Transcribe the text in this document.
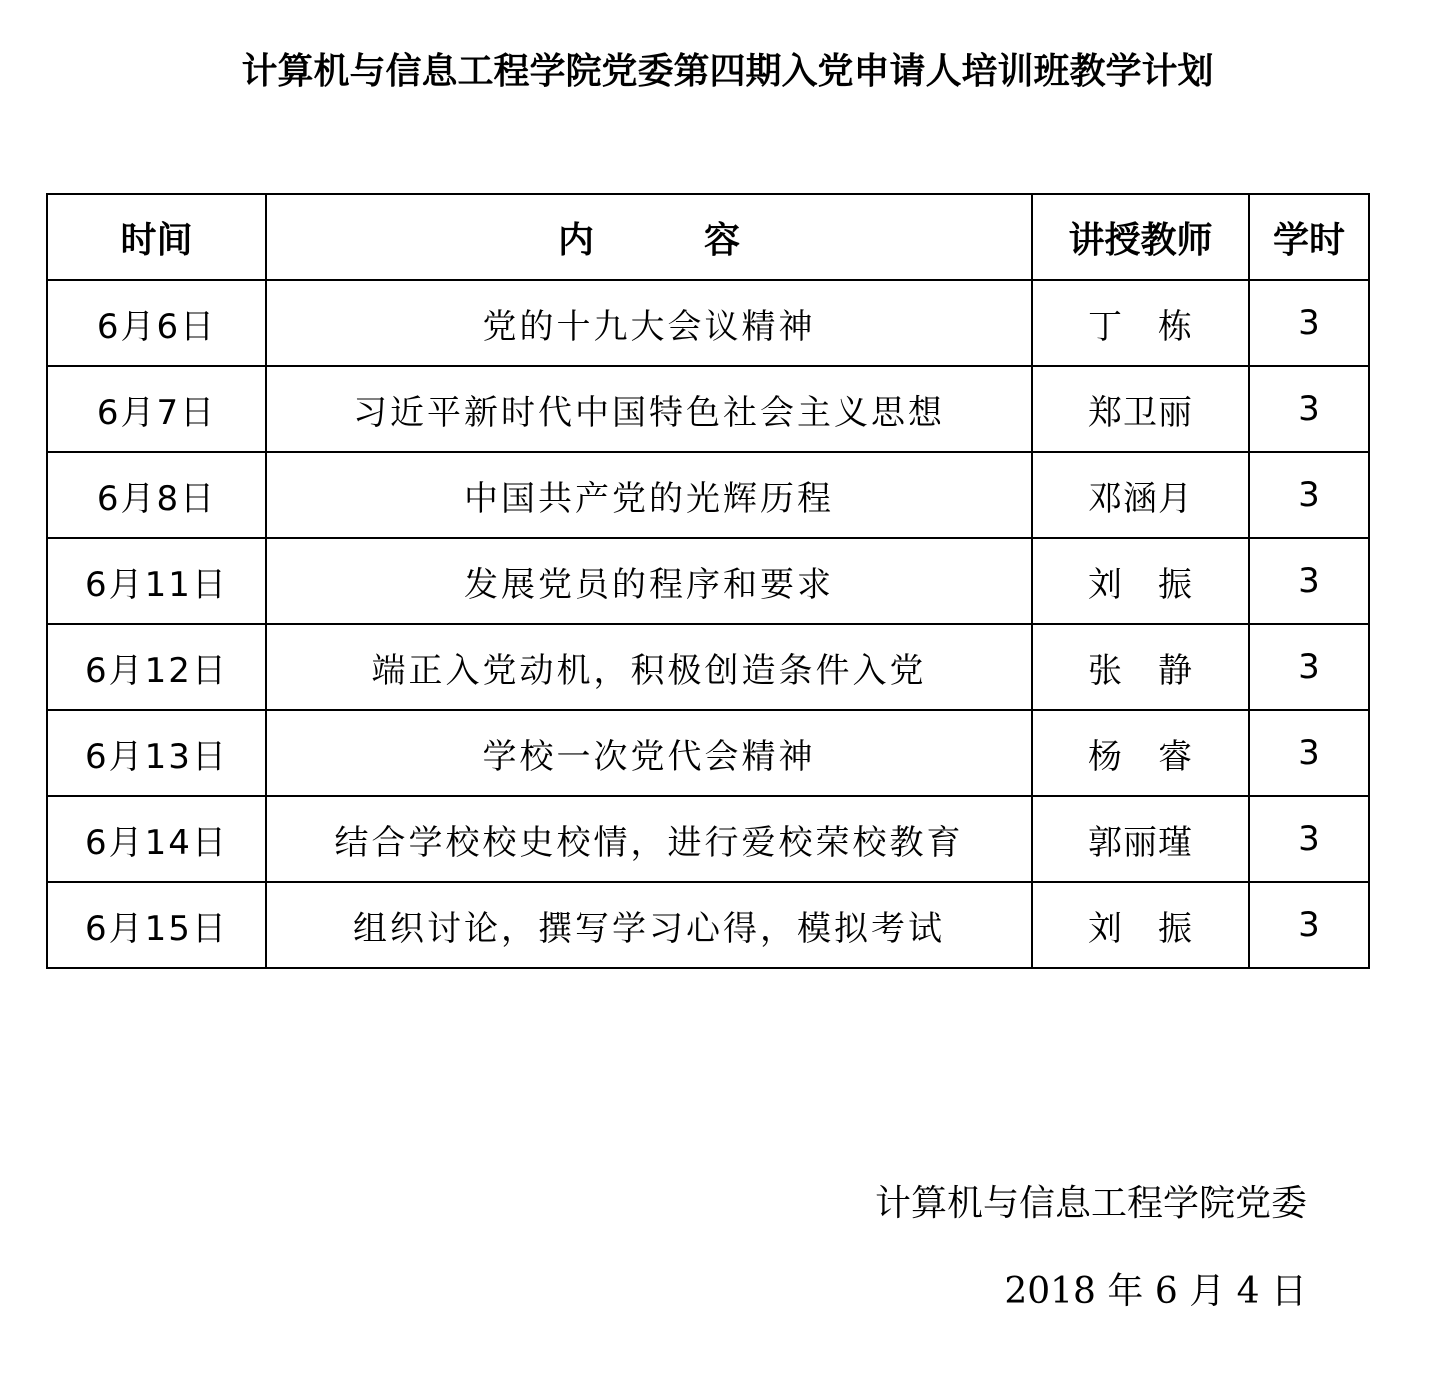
计算机与信息工程学院党委第四期入党申请人培训班教学计划
时间	内 容	讲授教师	学时
6月6日	党的十九大会议精神	丁　栋	3
6月7日	习近平新时代中国特色社会主义思想	郑卫丽	3
6月8日	中国共产党的光辉历程	邓涵月	3
6月11日	发展党员的程序和要求	刘　振	3
6月12日	端正入党动机，积极创造条件入党	张　静	3
6月13日	学校一次党代会精神	杨　睿	3
6月14日	结合学校校史校情，进行爱校荣校教育	郭丽瑾	3
6月15日	组织讨论，撰写学习心得，模拟考试	刘　振	3
计算机与信息工程学院党委
2018 年 6 月 4 日
